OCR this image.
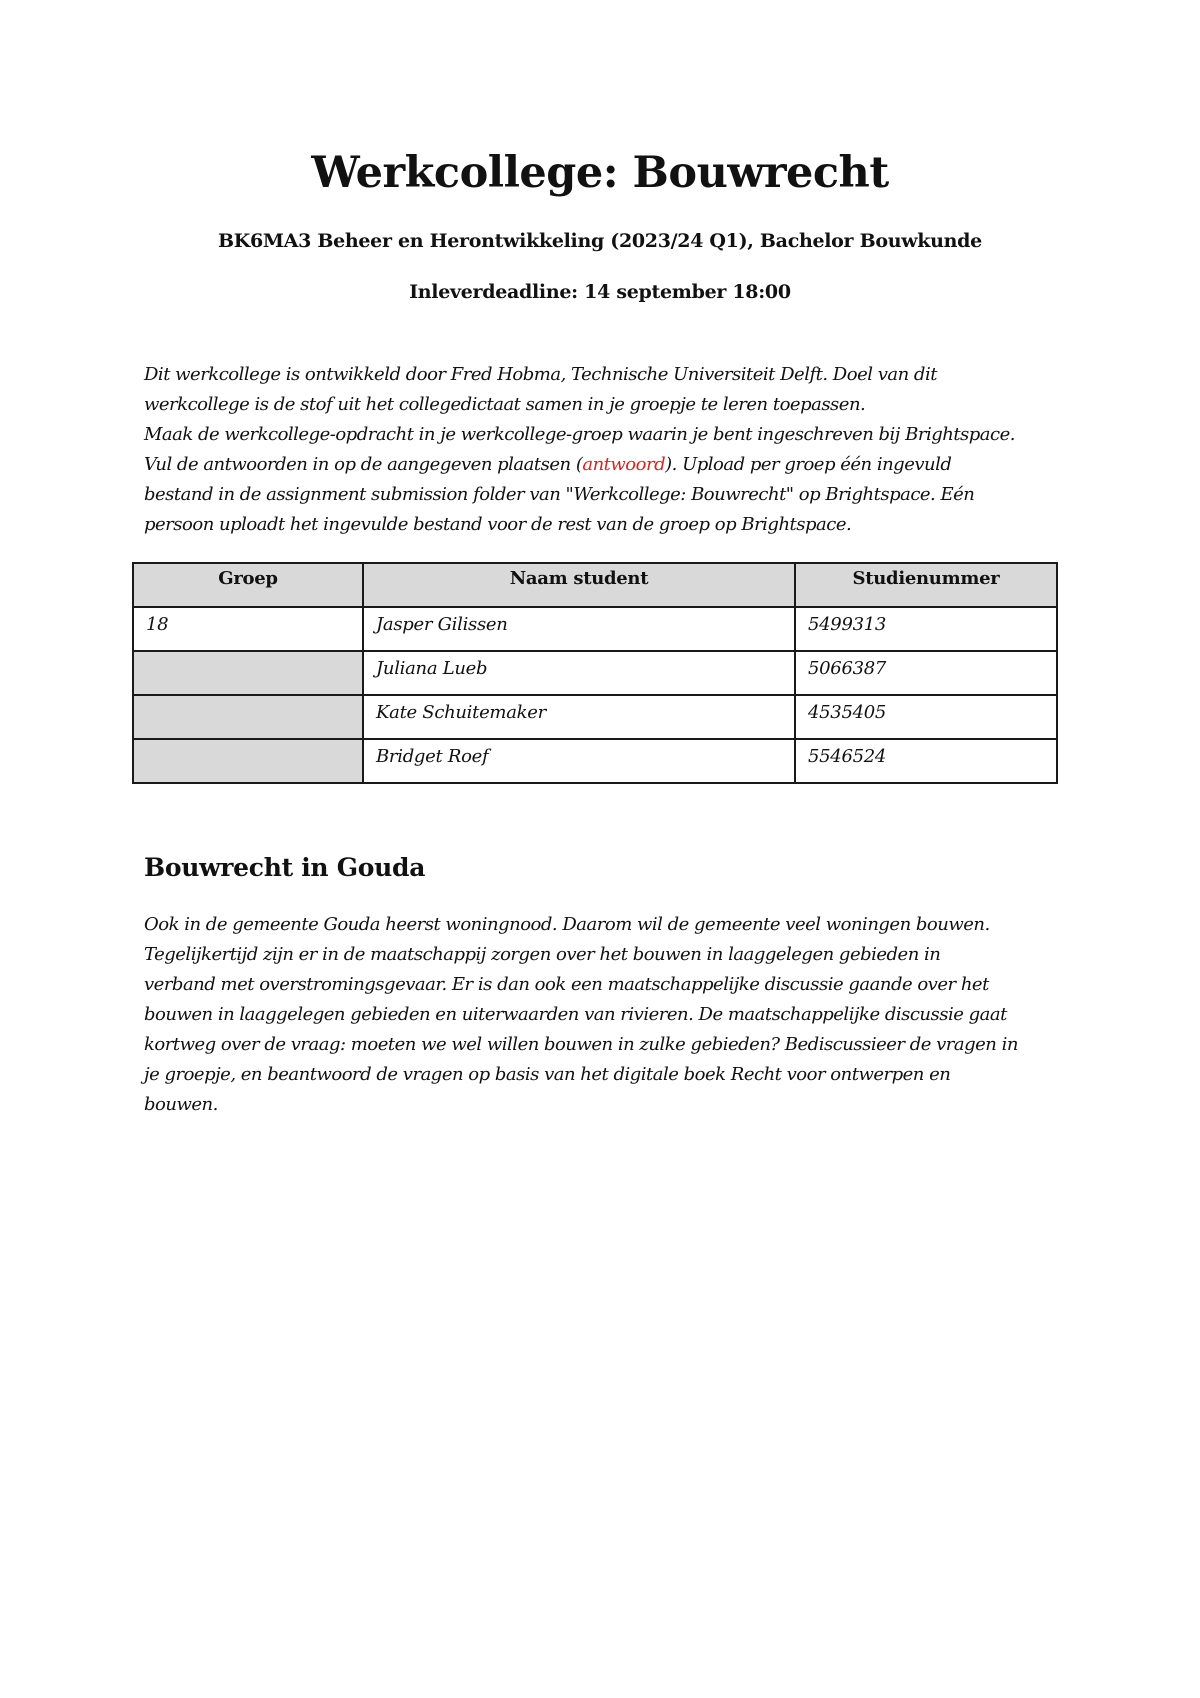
Werkcollege: Bouwrecht
BK6MA3 Beheer en Herontwikkeling (2023/24 Q1), Bachelor Bouwkunde
Inleverdeadline: 14 september 18:00
Dit werkcollege is ontwikkeld door Fred Hobma, Technische Universiteit Delft. Doel van dit
werkcollege is de stof uit het collegedictaat samen in je groepje te leren toepassen.
Maak de werkcollege-opdracht in je werkcollege-groep waarin je bent ingeschreven bij Brightspace.
Vul de antwoorden in op de aangegeven plaatsen (antwoord). Upload per groep één ingevuld
bestand in de assignment submission folder van "Werkcollege: Bouwrecht" op Brightspace. Eén
persoon uploadt het ingevulde bestand voor de rest van de groep op Brightspace.
Groep	Naam student	Studienummer
18	Jasper Gilissen	5499313
	Juliana Lueb	5066387
	Kate Schuitemaker	4535405
	Bridget Roef	5546524
Bouwrecht in Gouda
Ook in de gemeente Gouda heerst woningnood. Daarom wil de gemeente veel woningen bouwen.
Tegelijkertijd zijn er in de maatschappij zorgen over het bouwen in laaggelegen gebieden in
verband met overstromingsgevaar. Er is dan ook een maatschappelijke discussie gaande over het
bouwen in laaggelegen gebieden en uiterwaarden van rivieren. De maatschappelijke discussie gaat
kortweg over de vraag: moeten we wel willen bouwen in zulke gebieden? Bediscussieer de vragen in
je groepje, en beantwoord de vragen op basis van het digitale boek Recht voor ontwerpen en
bouwen.
